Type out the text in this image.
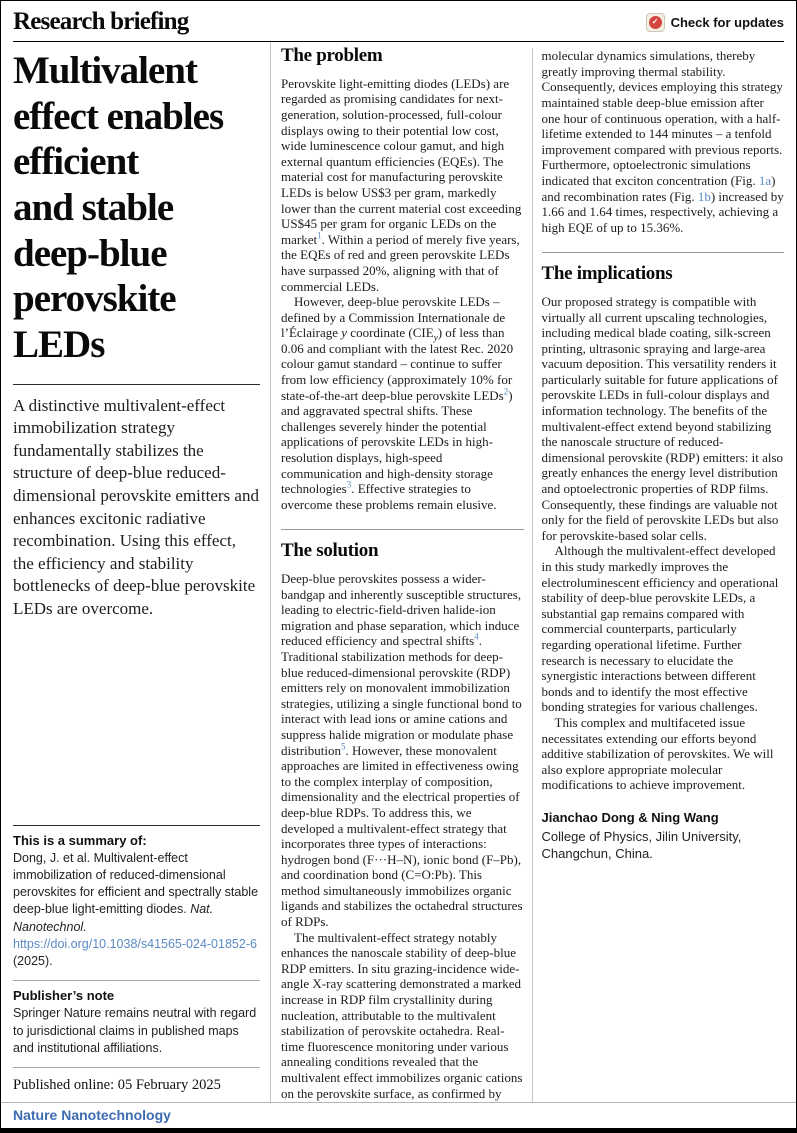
Research briefing	✓ Check for updates
Multivalent
effect enables
efficient
and stable
deep-blue
perovskite
LEDs
A distinctive multivalent-effect immobilization strategy fundamentally stabilizes the structure of deep-blue reduced-dimensional perovskite emitters and enhances excitonic radiative recombination. Using this effect, the efficiency and stability bottlenecks of deep-blue perovskite LEDs are overcome.
This is a summary of:

Dong, J. et al. Multivalent-effect immobilization of reduced-dimensional perovskites for efficient and spectrally stable deep-blue light-emitting diodes. Nat. Nanotechnol. https://doi.org/10.1038/s41565-024-01852-6 (2025).

Publisher’s note

Springer Nature remains neutral with regard to jurisdictional claims in published maps and institutional affiliations.

Published online: 05 February 2025
The problem

Perovskite light-emitting diodes (LEDs) are regarded as promising candidates for next-generation, solution-processed, full-colour displays owing to their potential low cost, wide luminescence colour gamut, and high external quantum efficiencies (EQEs). The material cost for manufacturing perovskite LEDs is below US$3 per gram, markedly lower than the current material cost exceeding US$45 per gram for organic LEDs on the market$^1$. Within a period of merely five years, the EQEs of red and green perovskite LEDs have surpassed 20%, aligning with that of commercial LEDs.

However, deep-blue perovskite LEDs – defined by a Commission Internationale de l’Éclairage y coordinate $(CIE_y)$ of less than 0.06 and compliant with the latest Rec. 2020 colour gamut standard – continue to suffer from low efficiency (approximately 10% for state-of-the-art deep-blue perovskite LEDs$^2$) and aggravated spectral shifts. These challenges severely hinder the potential applications of perovskite LEDs in high-resolution displays, high-speed communication and high-density storage technologies$^3$. Effective strategies to overcome these problems remain elusive.

The solution

Deep-blue perovskites possess a wider-bandgap and inherently susceptible structures, leading to electric-field-driven halide-ion migration and phase separation, which induce reduced efficiency and spectral shifts$^4$. Traditional stabilization methods for deep-blue reduced-dimensional perovskite (RDP) emitters rely on monovalent immobilization strategies, utilizing a single functional bond to interact with lead ions or amine cations and suppress halide migration or modulate phase distribution$^5$. However, these monovalent approaches are limited in effectiveness owing to the complex interplay of composition, dimensionality and the electrical properties of deep-blue RDPs. To address this, we developed a multivalent-effect strategy that incorporates three types of interactions: hydrogen bond (F···H–N), ionic bond (F–Pb), and coordination bond (C=O:Pb). This method simultaneously immobilizes organic ligands and stabilizes the octahedral structures of RDPs.

The multivalent-effect strategy notably enhances the nanoscale stability of deep-blue RDP emitters. In situ grazing-incidence wide-angle X-ray scattering demonstrated a marked increase in RDP film crystallinity during nucleation, attributable to the multivalent stabilization of perovskite octahedra. Real-time fluorescence monitoring under various annealing conditions revealed that the multivalent effect immobilizes organic cations on the perovskite surface, as confirmed by molecular dynamics simulations, thereby greatly improving thermal stability. Consequently, devices employing this strategy maintained stable deep-blue emission after one hour of continuous operation, with a half-lifetime extended to 144 minutes – a tenfold improvement compared with previous reports. Furthermore, optoelectronic simulations indicated that exciton concentration (Fig. 1a) and recombination rates (Fig. 1b) increased by 1.66 and 1.64 times, respectively, achieving a high EQE of up to 15.36%.

The implications

Our proposed strategy is compatible with virtually all current upscaling technologies, including medical blade coating, silk-screen printing, ultrasonic spraying and large-area vacuum deposition. This versatility renders it particularly suitable for future applications of perovskite LEDs in full-colour displays and information technology. The benefits of the multivalent-effect extend beyond stabilizing the nanoscale structure of reduced-dimensional perovskite (RDP) emitters: it also greatly enhances the energy level distribution and optoelectronic properties of RDP films. Consequently, these findings are valuable not only for the field of perovskite LEDs but also for perovskite-based solar cells.

Although the multivalent-effect developed in this study markedly improves the electroluminescent efficiency and operational stability of deep-blue perovskite LEDs, a substantial gap remains compared with commercial counterparts, particularly regarding operational lifetime. Further research is necessary to elucidate the synergistic interactions between different bonds and to identify the most effective bonding strategies for various challenges.

This complex and multifaceted issue necessitates extending our efforts beyond additive stabilization of perovskites. We will also explore appropriate molecular modifications to achieve improvement.

Jianchao Dong & Ning Wang
College of Physics, Jilin University, Changchun, China.
Nature Nanotechnology
